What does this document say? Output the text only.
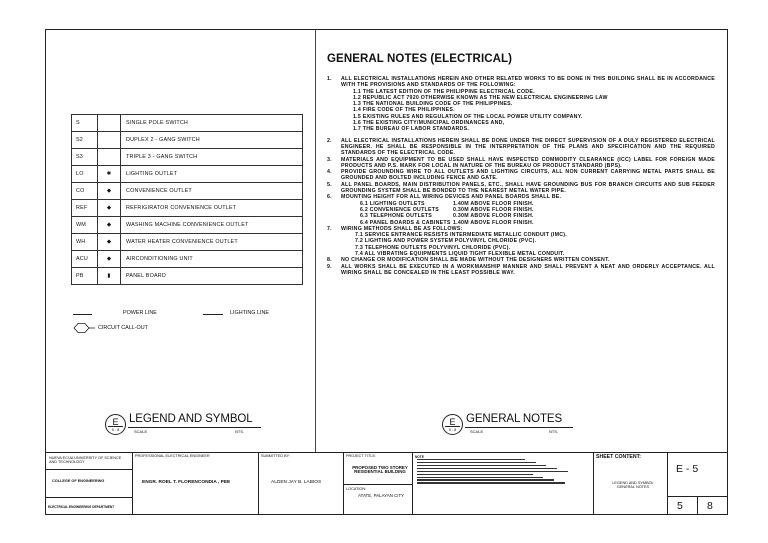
S		SINGLE POLE SWITCH
S2		DUPLEX 2 - GANG SWITCH
S3		TRIPLE 3 - GANG SWITCH
LO	✱	LIGHTING OUTLET
CO	◆	CONVENIENCE OUTLET
REF	◆	REFRIGIRATOR CONVENIENCE OUTLET
WM	◆	WASHING MACHINE CONVENIENCE OUTLET
WH	◆	WATER HEATER CONVENIENCE OUTLET
ACU	◆	AIRCONDITIONING UNIT
PB	▮	PANEL BOARD
POWER LINE	LIGHTING LINE
CIRCUIT CALL-OUT
E
5 - 8
LEGEND AND SYMBOL
SCALE	NTS.
GENERAL NOTES (ELECTRICAL)
1.	ALL ELECTRICAL INSTALLATIONS HEREIN AND OTHER RELATED WORKS TO BE DONE IN THIS BUILDING SHALL BE IN ACCORDANCE WITH THE PROVISIONS AND STANDARDS OF THE FOLLOWING:
1.1 THE LATEST EDITION OF THE PHILIPPINE ELECTRICAL CODE.
1.2 REPUBLIC ACT 7920 OTHERWISE KNOWN AS THE NEW ELECTRICAL ENGINEERING LAW
1.3 THE NATIONAL BUILDING CODE OF THE PHILIPPINES.
1.4 FIRE CODE OF THE PHILIPPINES.
1.5 EXISTING RULES AND REGULATION OF THE LOCAL POWER UTILITY COMPANY.
1.6 THE EXISTING CITY/MUNICIPAL ORDINANCES AND,
1.7 THE BUREAU OF LABOR STANDARDS.
2.	ALL ELECTRICAL INSTALLATIONS HEREIN SHALL BE DONE UNDER THE DIRECT SUPERVISION OF A DULY REGISTERED ELECTRICAL ENGINEER. HE SHALL BE RESPONSIBLE IN THE INTERPRETATION OF THE PLANS AND SPECIFICATION AND THE REQUIRED STANDARDS OF THE ELECTRICAL CODE.
3.	MATERIALS AND EQUIPMENT TO BE USED SHALL HAVE INSPECTED COMMODITY CLEARANCE (ICC) LABEL FOR FOREIGN MADE PRODUCTS AND P.S. MARK FOR LOCAL IN NATURE OF THE BUREAU OF PRODUCT STANDARD (BPS).
4.	PROVIDE GROUNDING WIRE TO ALL OUTLETS AND LIGHTING CIRCUITS, ALL NON CURRENT CARRYING METAL PARTS SHALL BE GROUNDED AND BOLTED INCLUDING FENCE AND GATE.
5.	ALL PANEL BOARDS, MAIN DISTRIBUTION PANELS, ETC., SHALL HAVE GROUNDING BUS FOR BRANCH CIRCUITS AND SUB FEEDER GROUNDING SYSTEM SHALL BE BONDED TO THE NEAREST METAL WATER PIPE.
6.	MOUNTING HEIGHT FOR ALL WIRING DEVICES AND PANEL BOARDS SHALL BE.
6.1 LIGHTING OUTLETS	1.40M ABOVE FLOOR FINISH.
6.2 CONVENIENCE OUTLETS	0.30M ABOVE FLOOR FINISH.
6.3 TELEPHONE OUTLETS	0.30M ABOVE FLOOR FINISH.
6.4 PANEL BOARDS & CABINETS 1.40M ABOVE FLOOR FINISH.
7.	WIRING METHODS SHALL BE AS FOLLOWS:
7.1 SERVICE ENTRANCE RESISTS INTERMEDIATE METALLIC CONDUIT (IMC).
7.2 LIGHTING AND POWER SYSTEM POLYVINYL CHLORIDE (PVC).
7.3 TELEPHONE OUTLETS POLYVINYL CHLORIDE (PVC).
7.4 ALL VIBRATING EQUIPMENTS LIQUID TIGHT FLEXIBLE METAL CONDUIT.
8.	NO CHANGE OR MODIFICATION SHALL BE MADE WITHOUT THE DESIGNERS WRITTEN CONSENT.
9.	ALL WORKS SHALL BE EXECUTED IN A WORKMANSHIP MANNER AND SHALL PREVENT A NEAT AND ORDERLY ACCEPTANCE. ALL WIRING SHALL BE CONCEALED IN THE LEAST POSSIBLE WAY.
E
5 - 8
GENERAL NOTES
SCALE	NTS.
NUEVA ECIJA UNIVERSITY OF SCIENCE AND TECHNOLOGY
COLLEGE OF ENGINEERING
ELECTRICAL ENGINEERING DEPARTMENT
PROFESSIONAL ELECTRICAL ENGINEER
ENGR. ROEL T. FLORENCONDIA , PEE
SUBMITTED BY:
ALDEN JAY B. LABIOS
PROJECT TITLE:
PROPOSED TWO STOREY RESIDENTIAL BUILDING
LOCATION:
ATATE, PALAYAN CITY
NOTE	SHEET CONTENT:
LEGEND AND SYMBOL GENERAL NOTES
E - 5
5 8
